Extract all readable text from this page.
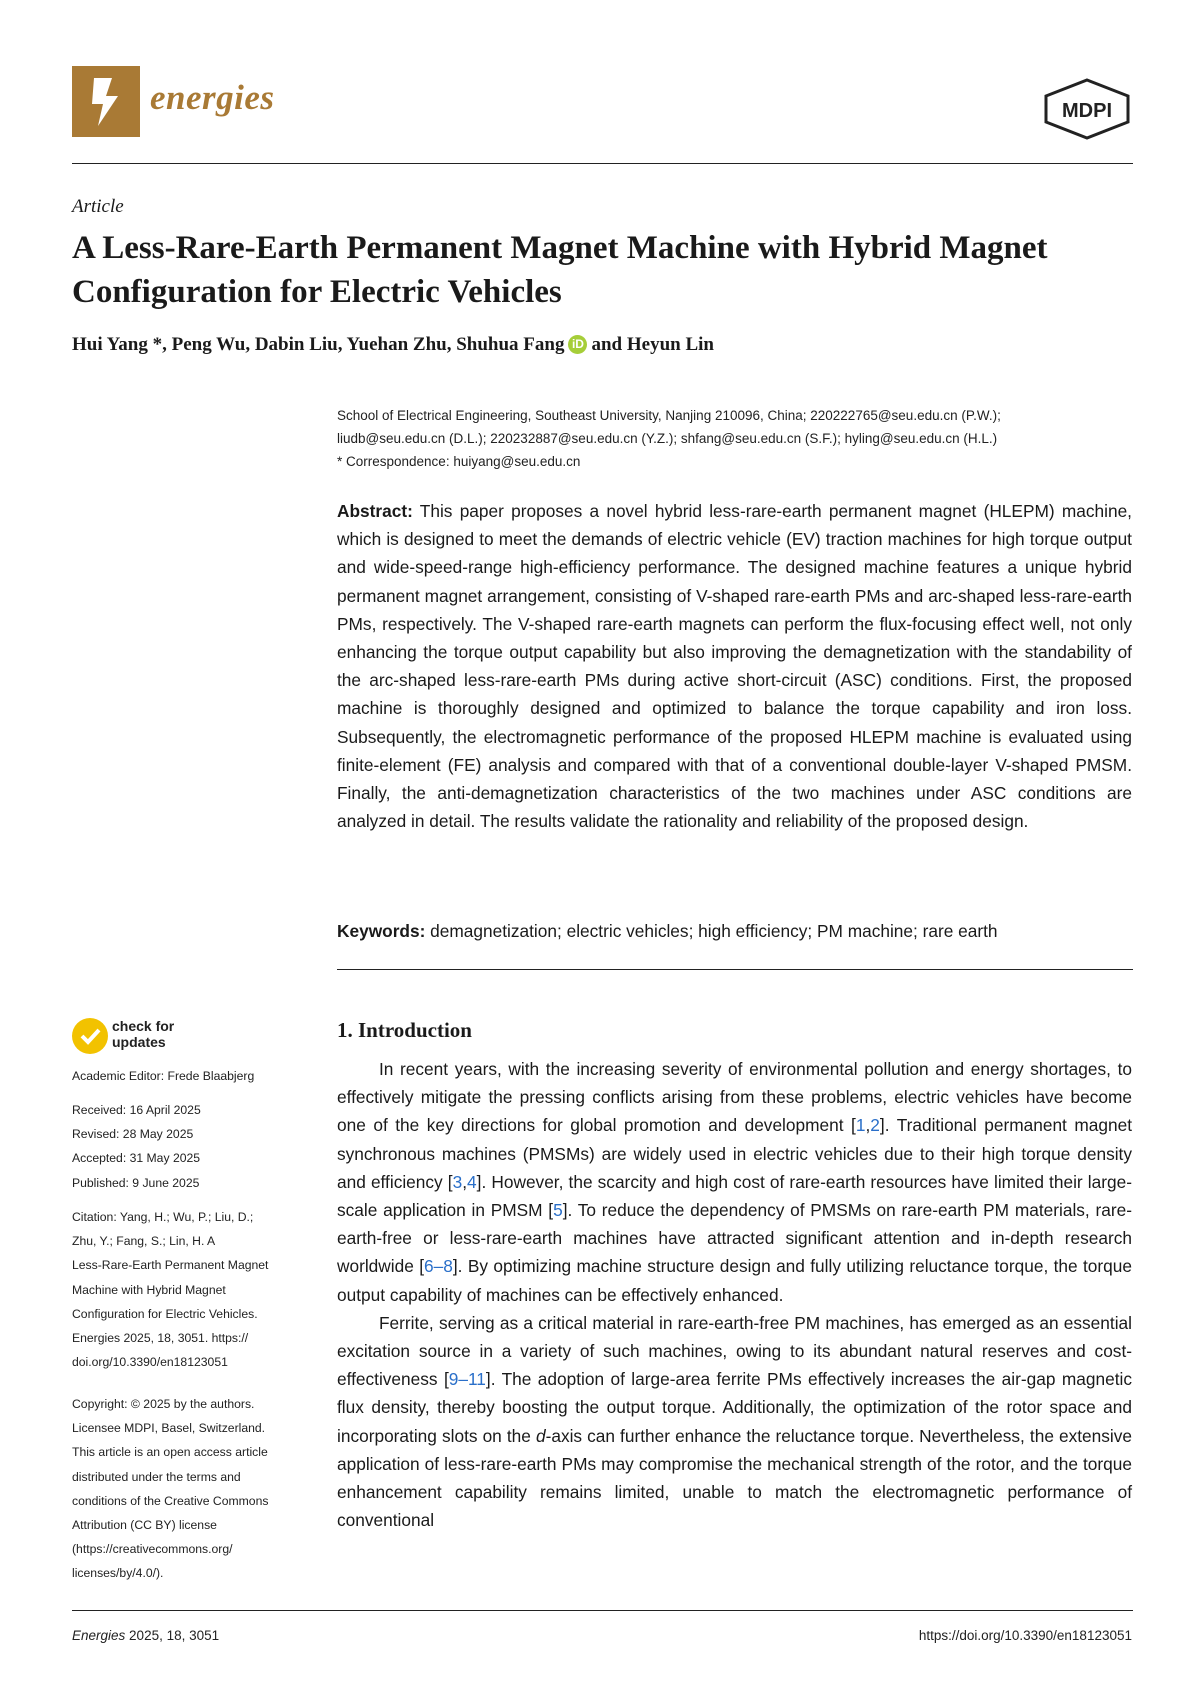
energies	MDPI
Article
A Less-Rare-Earth Permanent Magnet Machine with Hybrid Magnet Configuration for Electric Vehicles
Hui Yang *, Peng Wu, Dabin Liu, Yuehan Zhu, Shuhua Fang iD and Heyun Lin
School of Electrical Engineering, Southeast University, Nanjing 210096, China; 220222765@seu.edu.cn (P.W.);
liudb@seu.edu.cn (D.L.); 220232887@seu.edu.cn (Y.Z.); shfang@seu.edu.cn (S.F.); hyling@seu.edu.cn (H.L.)
* Correspondence: huiyang@seu.edu.cn
Abstract: This paper proposes a novel hybrid less-rare-earth permanent magnet (HLEPM) machine, which is designed to meet the demands of electric vehicle (EV) traction machines for high torque output and wide-speed-range high-efficiency performance. The designed machine features a unique hybrid permanent magnet arrangement, consisting of V-shaped rare-earth PMs and arc-shaped less-rare-earth PMs, respectively. The V-shaped rare-earth magnets can perform the flux-focusing effect well, not only enhancing the torque output capability but also improving the demagnetization with the standability of the arc-shaped less-rare-earth PMs during active short-circuit (ASC) conditions. First, the proposed machine is thoroughly designed and optimized to balance the torque capability and iron loss. Subsequently, the electromagnetic performance of the proposed HLEPM machine is evaluated using finite-element (FE) analysis and compared with that of a conventional double-layer V-shaped PMSM. Finally, the anti-demagnetization characteristics of the two machines under ASC conditions are analyzed in detail. The results validate the rationality and reliability of the proposed design.
Keywords: demagnetization; electric vehicles; high efficiency; PM machine; rare earth
check for
updates
Academic Editor: Frede Blaabjerg
Received: 16 April 2025
Revised: 28 May 2025
Accepted: 31 May 2025
Published: 9 June 2025
Citation: Yang, H.; Wu, P.; Liu, D.;
Zhu, Y.; Fang, S.; Lin, H. A
Less-Rare-Earth Permanent Magnet
Machine with Hybrid Magnet
Configuration for Electric Vehicles.
Energies 2025, 18, 3051. https://
doi.org/10.3390/en18123051
Copyright: © 2025 by the authors.
Licensee MDPI, Basel, Switzerland.
This article is an open access article
distributed under the terms and
conditions of the Creative Commons
Attribution (CC BY) license
(https://creativecommons.org/
licenses/by/4.0/).
1. Introduction

In recent years, with the increasing severity of environmental pollution and energy shortages, to effectively mitigate the pressing conflicts arising from these problems, electric vehicles have become one of the key directions for global promotion and development [1,2]. Traditional permanent magnet synchronous machines (PMSMs) are widely used in electric vehicles due to their high torque density and efficiency [3,4]. However, the scarcity and high cost of rare-earth resources have limited their large-scale application in PMSM [5]. To reduce the dependency of PMSMs on rare-earth PM materials, rare-earth-free or less-rare-earth machines have attracted significant attention and in-depth research worldwide [6–8]. By optimizing machine structure design and fully utilizing reluctance torque, the torque output capability of machines can be effectively enhanced.

Ferrite, serving as a critical material in rare-earth-free PM machines, has emerged as an essential excitation source in a variety of such machines, owing to its abundant natural reserves and cost-effectiveness [9–11]. The adoption of large-area ferrite PMs effectively increases the air-gap magnetic flux density, thereby boosting the output torque. Additionally, the optimization of the rotor space and incorporating slots on the d-axis can further enhance the reluctance torque. Nevertheless, the extensive application of less-rare-earth PMs may compromise the mechanical strength of the rotor, and the torque enhancement capability remains limited, unable to match the electromagnetic performance of conventional

Energies 2025, 18, 3051	https://doi.org/10.3390/en18123051
